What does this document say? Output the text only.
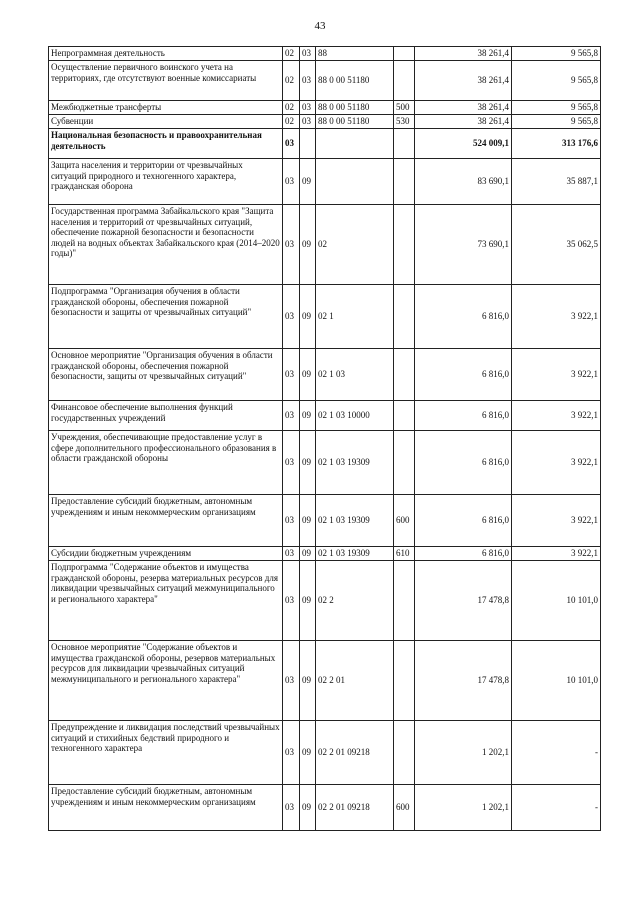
43
Непрограммная деятельность	02	03	88		38 261,4	9 565,8
Осуществление первичного воинского учета на территориях, где отсутствуют военные комиссариаты	02	03	88 0 00 51180		38 261,4	9 565,8
Межбюджетные трансферты	02	03	88 0 00 51180	500	38 261,4	9 565,8
Субвенции	02	03	88 0 00 51180	530	38 261,4	9 565,8
Национальная безопасность и правоохранительная деятельность	03				524 009,1	313 176,6
Защита населения и территории от чрезвычайных ситуаций природного и техногенного характера, гражданская оборона	03	09			83 690,1	35 887,1
Государственная программа Забайкальского края "Защита населения и территорий от чрезвычайных ситуаций, обеспечение пожарной безопасности и безопасности людей на водных объектах Забайкальского края (2014–2020 годы)"	03	09	02		73 690,1	35 062,5
Подпрограмма "Организация обучения в области гражданской обороны, обеспечения пожарной безопасности и защиты от чрезвычайных ситуаций"	03	09	02 1		6 816,0	3 922,1
Основное мероприятие "Организация обучения в области гражданской обороны, обеспечения пожарной безопасности, защиты от чрезвычайных ситуаций"	03	09	02 1 03		6 816,0	3 922,1
Финансовое обеспечение выполнения функций государственных учреждений	03	09	02 1 03 10000		6 816,0	3 922,1
Учреждения, обеспечивающие предоставление услуг в сфере дополнительного профессионального образования в области гражданской обороны	03	09	02 1 03 19309		6 816,0	3 922,1
Предоставление субсидий бюджетным, автономным учреждениям и иным некоммерческим организациям	03	09	02 1 03 19309	600	6 816,0	3 922,1
Субсидии бюджетным учреждениям	03	09	02 1 03 19309	610	6 816,0	3 922,1
Подпрограмма "Содержание объектов и имущества гражданской обороны, резерва материальных ресурсов для ликвидации чрезвычайных ситуаций межмуниципального и регионального характера"	03	09	02 2		17 478,8	10 101,0
Основное мероприятие "Содержание объектов и имущества гражданской обороны, резервов материальных ресурсов для ликвидации чрезвычайных ситуаций межмуниципального и регионального характера"	03	09	02 2 01		17 478,8	10 101,0
Предупреждение и ликвидация последствий чрезвычайных ситуаций и стихийных бедствий природного и техногенного характера	03	09	02 2 01 09218		1 202,1	-
Предоставление субсидий бюджетным, автономным учреждениям и иным некоммерческим организациям	03	09	02 2 01 09218	600	1 202,1	-
